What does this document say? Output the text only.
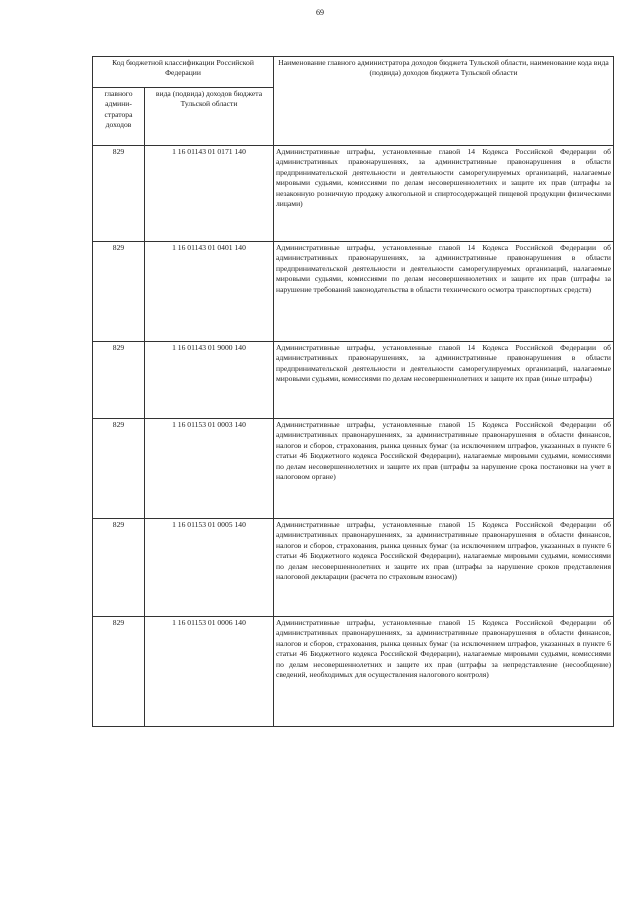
69
Код бюджетной классификации Российской Федерации		Наименование главного администратора доходов бюджета Тульской области, наименование кода вида (подвида) доходов бюджета Тульской области
главного админи-стратора доходов	вида (подвида) доходов бюджета Тульской области	
829	1 16 01143 01 0171 140	Административные штрафы, установленные главой 14 Кодекса Российской Федерации об административных правонарушениях, за административные правонарушения в области предпринимательской деятельности и деятельности саморегулируемых организаций, налагаемые мировыми судьями, комиссиями по делам несовершеннолетних и защите их прав (штрафы за незаконную розничную продажу алкогольной и спиртосодержащей пищевой продукции физическими лицами)
829	1 16 01143 01 0401 140	Административные штрафы, установленные главой 14 Кодекса Российской Федерации об административных правонарушениях, за административные правонарушения в области предпринимательской деятельности и деятельности саморегулируемых организаций, налагаемые мировыми судьями, комиссиями по делам несовершеннолетних и защите их прав (штрафы за нарушение требований законодательства в области технического осмотра транспортных средств)
829	1 16 01143 01 9000 140	Административные штрафы, установленные главой 14 Кодекса Российской Федерации об административных правонарушениях, за административные правонарушения в области предпринимательской деятельности и деятельности саморегулируемых организаций, налагаемые мировыми судьями, комиссиями по делам несовершеннолетних и защите их прав (иные штрафы)
829	1 16 01153 01 0003 140	Административные штрафы, установленные главой 15 Кодекса Российской Федерации об административных правонарушениях, за административные правонарушения в области финансов, налогов и сборов, страхования, рынка ценных бумаг (за исключением штрафов, указанных в пункте 6 статьи 46 Бюджетного кодекса Российской Федерации), налагаемые мировыми судьями, комиссиями по делам несовершеннолетних и защите их прав (штрафы за нарушение срока постановки на учет в налоговом органе)
829	1 16 01153 01 0005 140	Административные штрафы, установленные главой 15 Кодекса Российской Федерации об административных правонарушениях, за административные правонарушения в области финансов, налогов и сборов, страхования, рынка ценных бумаг (за исключением штрафов, указанных в пункте 6 статьи 46 Бюджетного кодекса Российской Федерации), налагаемые мировыми судьями, комиссиями по делам несовершеннолетних и защите их прав (штрафы за нарушение сроков представления налоговой декларации (расчета по страховым взносам))
829	1 16 01153 01 0006 140	Административные штрафы, установленные главой 15 Кодекса Российской Федерации об административных правонарушениях, за административные правонарушения в области финансов, налогов и сборов, страхования, рынка ценных бумаг (за исключением штрафов, указанных в пункте 6 статьи 46 Бюджетного кодекса Российской Федерации), налагаемые мировыми судьями, комиссиями по делам несовершеннолетних и защите их прав (штрафы за непредставление (несообщение) сведений, необходимых для осуществления налогового контроля)
